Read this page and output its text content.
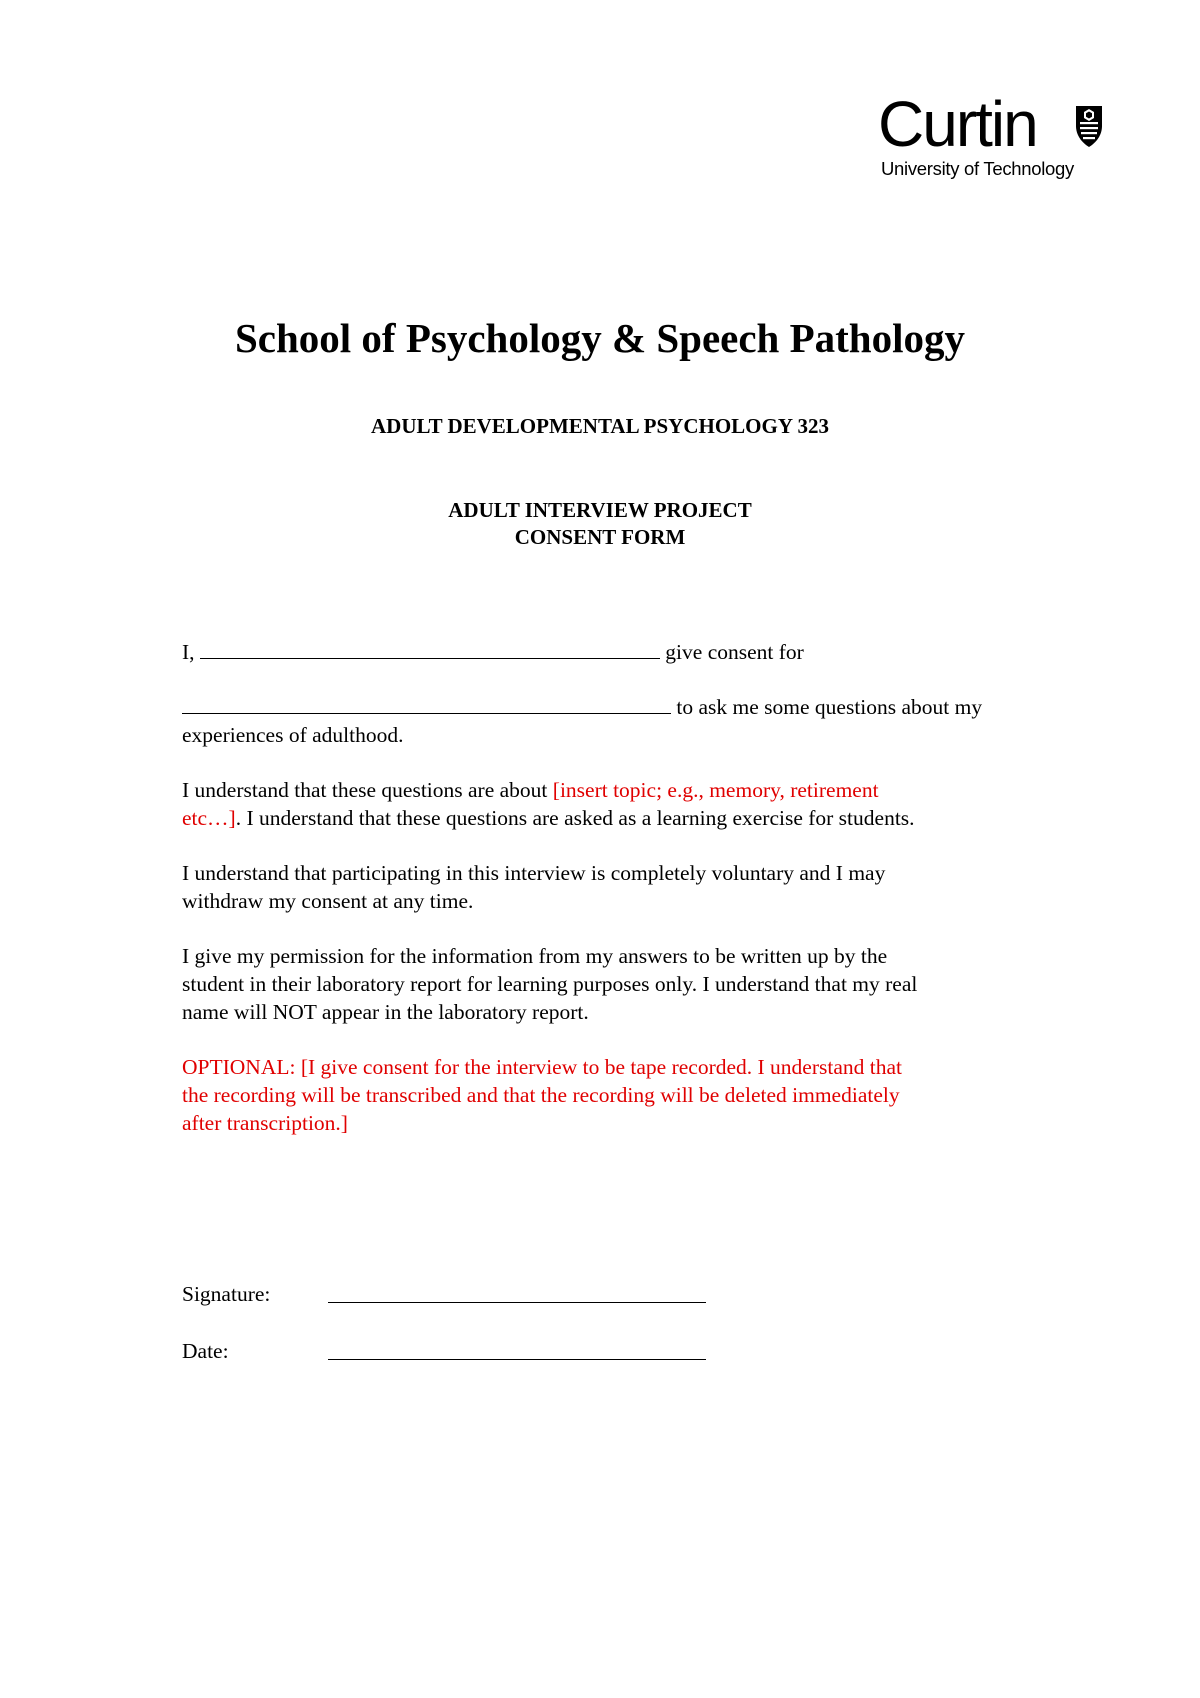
Curtin
University of Technology
School of Psychology & Speech Pathology

ADULT DEVELOPMENTAL PSYCHOLOGY 323

ADULT INTERVIEW PROJECT

CONSENT FORM

I,	give consent for

to ask me some questions about my

experiences of adulthood.

I understand that these questions are about [insert topic; e.g., memory, retirement
etc…]. I understand that these questions are asked as a learning exercise for students.

I understand that participating in this interview is completely voluntary and I may

withdraw my consent at any time.

I give my permission for the information from my answers to be written up by the

student in their laboratory report for learning purposes only. I understand that my real

name will NOT appear in the laboratory report.

OPTIONAL: [I give consent for the interview to be tape recorded. I understand that

the recording will be transcribed and that the recording will be deleted immediately

after transcription.]

Signature:
Date:
